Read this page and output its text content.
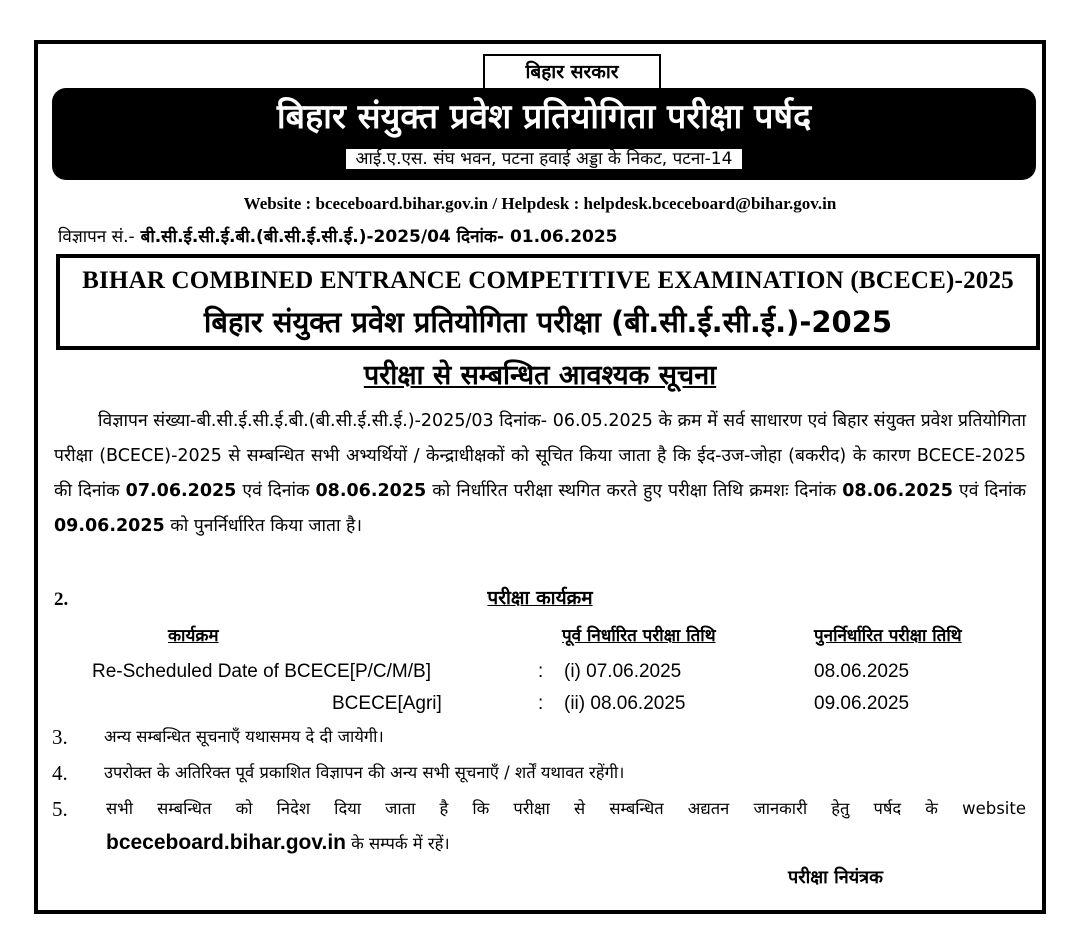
बिहार सरकार
बिहार संयुक्त प्रवेश प्रतियोगिता परीक्षा पर्षद
आई.ए.एस. संघ भवन, पटना हवाई अड्डा के निकट, पटना-14
Website : bceceboard.bihar.gov.in / Helpdesk : helpdesk.bceceboard@bihar.gov.in
विज्ञापन सं.- बी.सी.ई.सी.ई.बी.(बी.सी.ई.सी.ई.)-2025/04 दिनांक- 01.06.2025
BIHAR COMBINED ENTRANCE COMPETITIVE EXAMINATION (BCECE)-2025
बिहार संयुक्त प्रवेश प्रतियोगिता परीक्षा (बी.सी.ई.सी.ई.)-2025
परीक्षा से सम्बन्धित आवश्यक सूचना
विज्ञापन संख्या-बी.सी.ई.सी.ई.बी.(बी.सी.ई.सी.ई.)-2025/03 दिनांक- 06.05.2025 के क्रम में सर्व साधारण एवं बिहार संयुक्त प्रवेश प्रतियोगिता परीक्षा (BCECE)-2025 से सम्बन्धित सभी अभ्यर्थियों / केन्द्राधीक्षकों को सूचित किया जाता है कि ईद-उज-जोहा (बकरीद) के कारण BCECE-2025 की दिनांक 07.06.2025 एवं दिनांक 08.06.2025 को निर्धारित परीक्षा स्थगित करते हुए परीक्षा तिथि क्रमशः दिनांक 08.06.2025 एवं दिनांक 09.06.2025 को पुनर्निर्धारित किया जाता है।
2.	परीक्षा कार्यक्रम
कार्यक्रम	पूर्व निर्धारित परीक्षा तिथि	पुनर्निर्धारित परीक्षा तिथि
Re-Scheduled Date of BCECE[P/C/M/B]	: (i) 07.06.2025	08.06.2025
BCECE[Agri]	: (ii) 08.06.2025	09.06.2025
3. अन्य सम्बन्धित सूचनाएँ यथासमय दे दी जायेगी।
4. उपरोक्त के अतिरिक्त पूर्व प्रकाशित विज्ञापन की अन्य सभी सूचनाएँ / शर्तें यथावत रहेंगी।
5. सभी सम्बन्धित को निदेश दिया जाता है कि परीक्षा से सम्बन्धित अद्यतन जानकारी हेतु पर्षद के website
bceceboard.bihar.gov.in के सम्पर्क में रहें।
परीक्षा नियंत्रक
